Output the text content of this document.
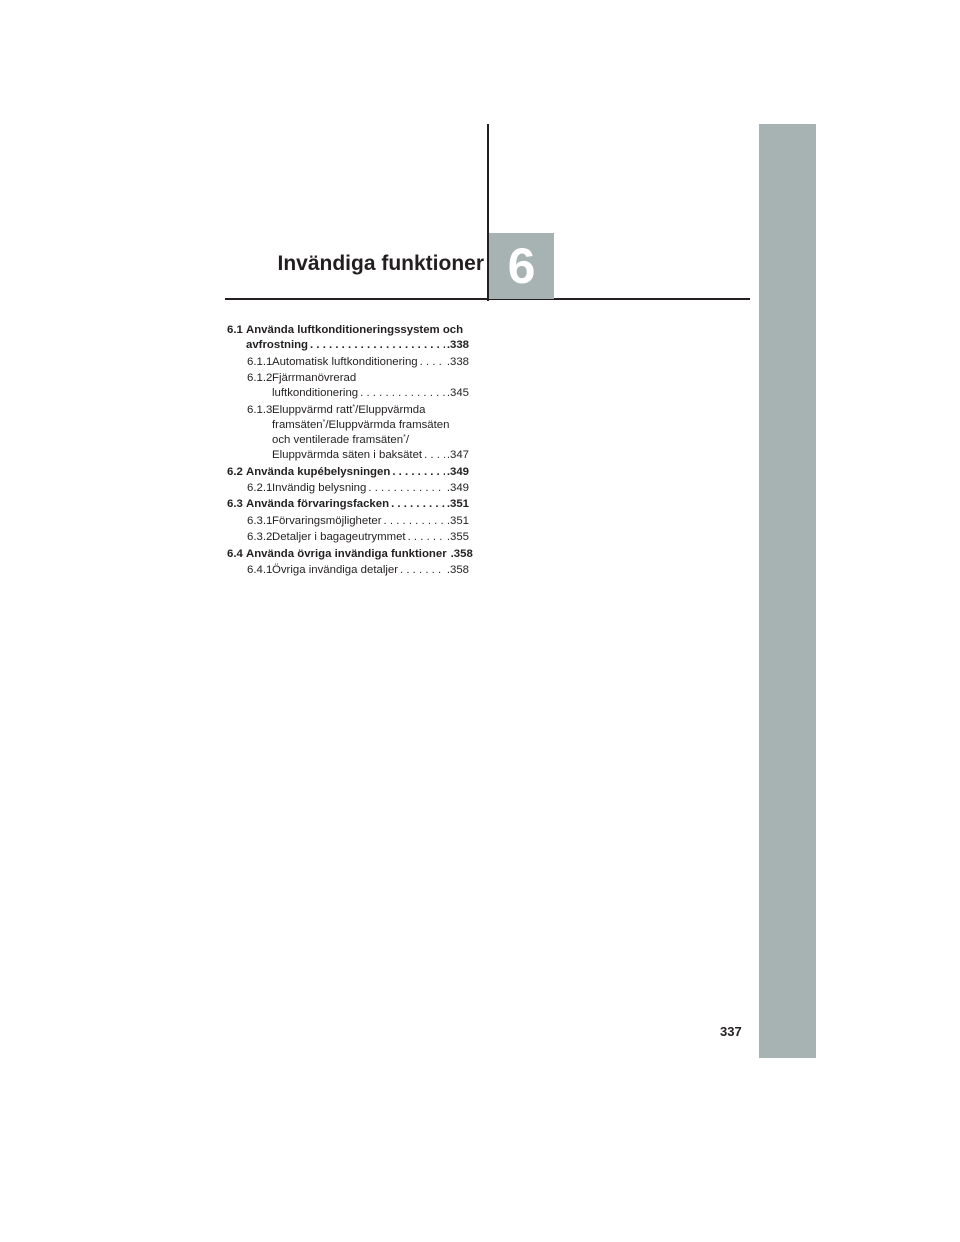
Invändiga funktioner 6
6.1 Använda luftkonditioneringssystem och
avfrostning . . .	.338
6.1.1 Automatisk luftkonditionering . . .	.338
6.1.2 Fjärrmanövrerad
luftkonditionering . . .	.345
6.1.3 Eluppvärmd ratt*/Eluppvärmda
framsäten*/Eluppvärmda framsäten
och ventilerade framsäten*/
Eluppvärmda säten i baksätet . . . .347
6.2 Använda kupébelysningen . . .	.349
6.2.1 Invändig belysning . . .	.349
6.3 Använda förvaringsfacken . . .	.351
6.3.1 Förvaringsmöjligheter . . .	.351
6.3.2 Detaljer i bagageutrymmet . . .	.355
6.4 Använda övriga invändiga funktioner . . . .358
6.4.1 Övriga invändiga detaljer . . .	.358
337
